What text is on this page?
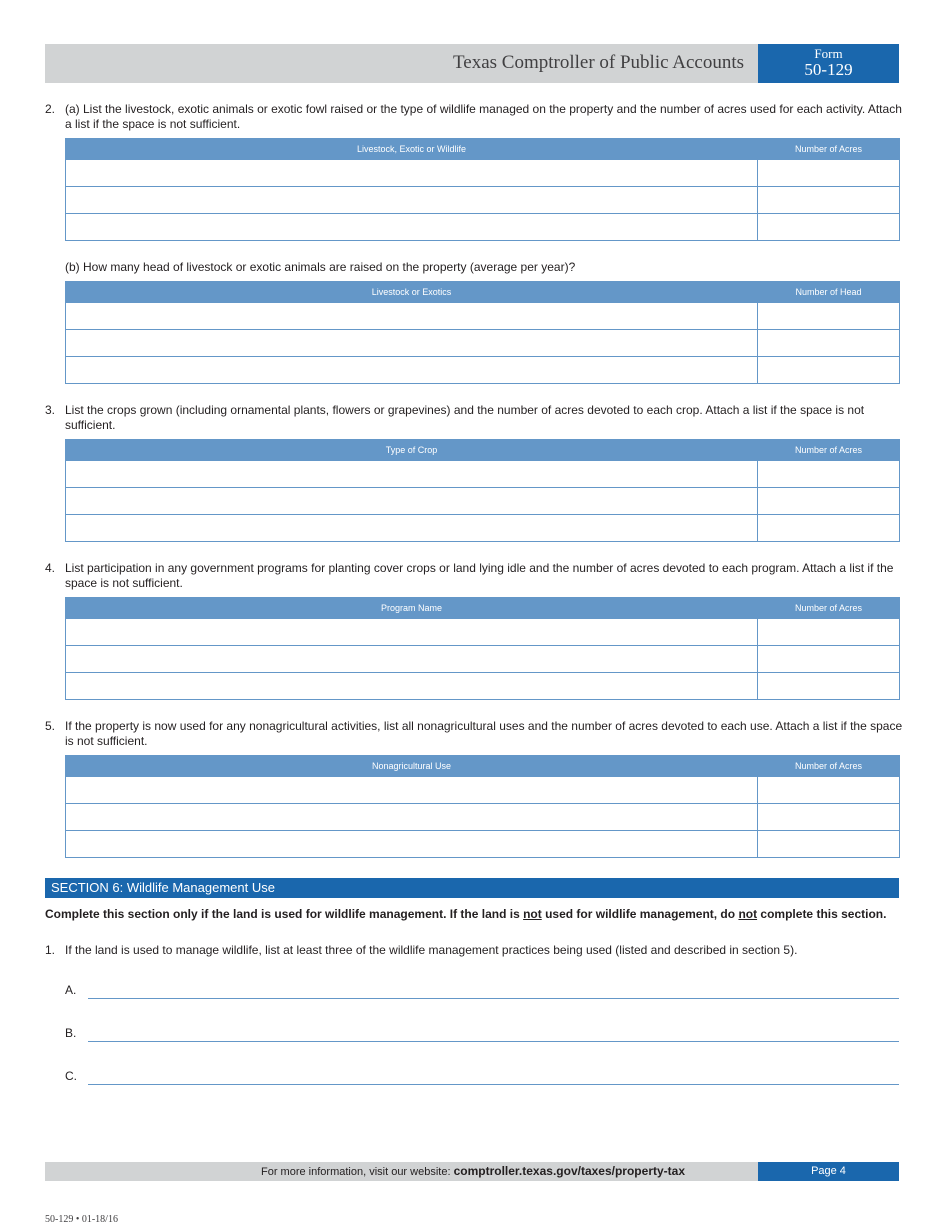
Texas Comptroller of Public Accounts	Form
50-129
2. (a) List the livestock, exotic animals or exotic fowl raised or the type of wildlife managed on the property and the number of acres used for each activity. Attach a list if the space is not sufficient.
Livestock, Exotic or Wildlife	Number of Acres

(b) How many head of livestock or exotic animals are raised on the property (average per year)?
Livestock or Exotics	Number of Head

3. List the crops grown (including ornamental plants, flowers or grapevines) and the number of acres devoted to each crop. Attach a list if the space is not sufficient.
Type of Crop	Number of Acres

4. List participation in any government programs for planting cover crops or land lying idle and the number of acres devoted to each program. Attach a list if the space is not sufficient.
Program Name	Number of Acres

5. If the property is now used for any nonagricultural activities, list all nonagricultural uses and the number of acres devoted to each use. Attach a list if the space is not sufficient.
Nonagricultural Use	Number of Acres

SECTION 6: Wildlife Management Use
Complete this section only if the land is used for wildlife management. If the land is not used for wildlife management, do not complete this section.
1. If the land is used to manage wildlife, list at least three of the wildlife management practices being used (listed and described in section 5).
A.
B.
C.
For more information, visit our website: comptroller.texas.gov/taxes/property-tax	Page 4
50-129 • 01-18/16
